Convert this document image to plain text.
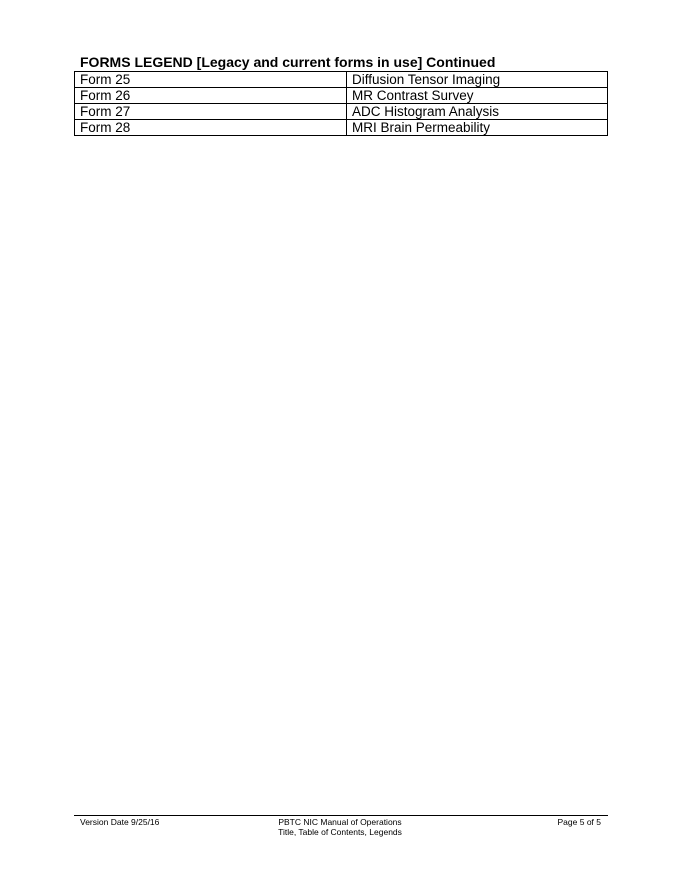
FORMS LEGEND [Legacy and current forms in use] Continued
Form 25	Diffusion Tensor Imaging
Form 26	MR Contrast Survey
Form 27	ADC Histogram Analysis
Form 28	MRI Brain Permeability
Version Date 9/25/16	PBTC NIC Manual of Operations
Title, Table of Contents, Legends
Page 5 of 5
